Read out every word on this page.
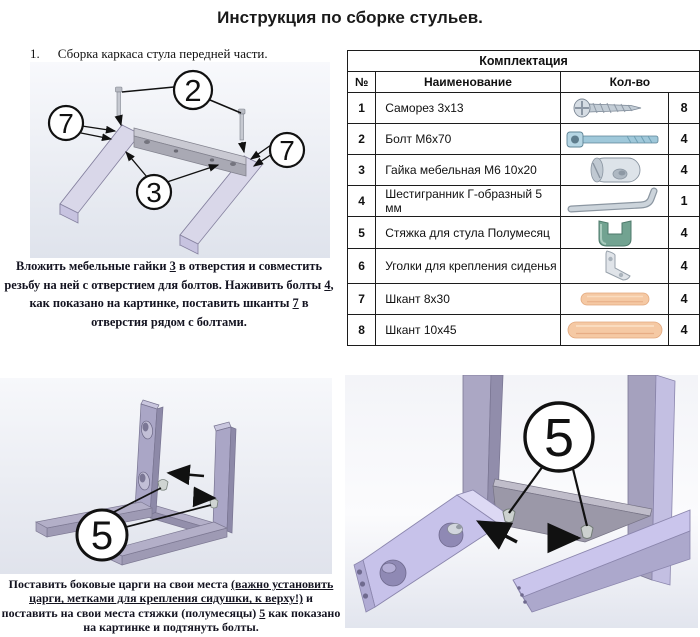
Инструкция по сборке стульев.
1. Сборка каркаса стула передней части.
2
7
7
3
Вложить мебельные гайки 3 в отверстия и совместить резьбу на ней с отверстием для болтов. Наживить болты 4, как показано на картинке, поставить шканты 7 в отверстия рядом с болтами.
Комплектация			
№	Наименование	Кол-во	
1	Саморез 3х13		8
2	Болт М6х70		4
3	Гайка мебельная М6 10х20		4
4	Шестигранник Г-образный 5 мм		1
5	Стяжка для стула Полумесяц		4
6	Уголки для крепления сиденья		4
7	Шкант 8х30		4
8	Шкант 10х45		4
5
Поставить боковые царги на свои места (важно установить царги, метками для крепления сидушки, к верху!) и поставить на свои места стяжки (полумесяцы) 5 как показано на картинке и подтянуть болты.
5
